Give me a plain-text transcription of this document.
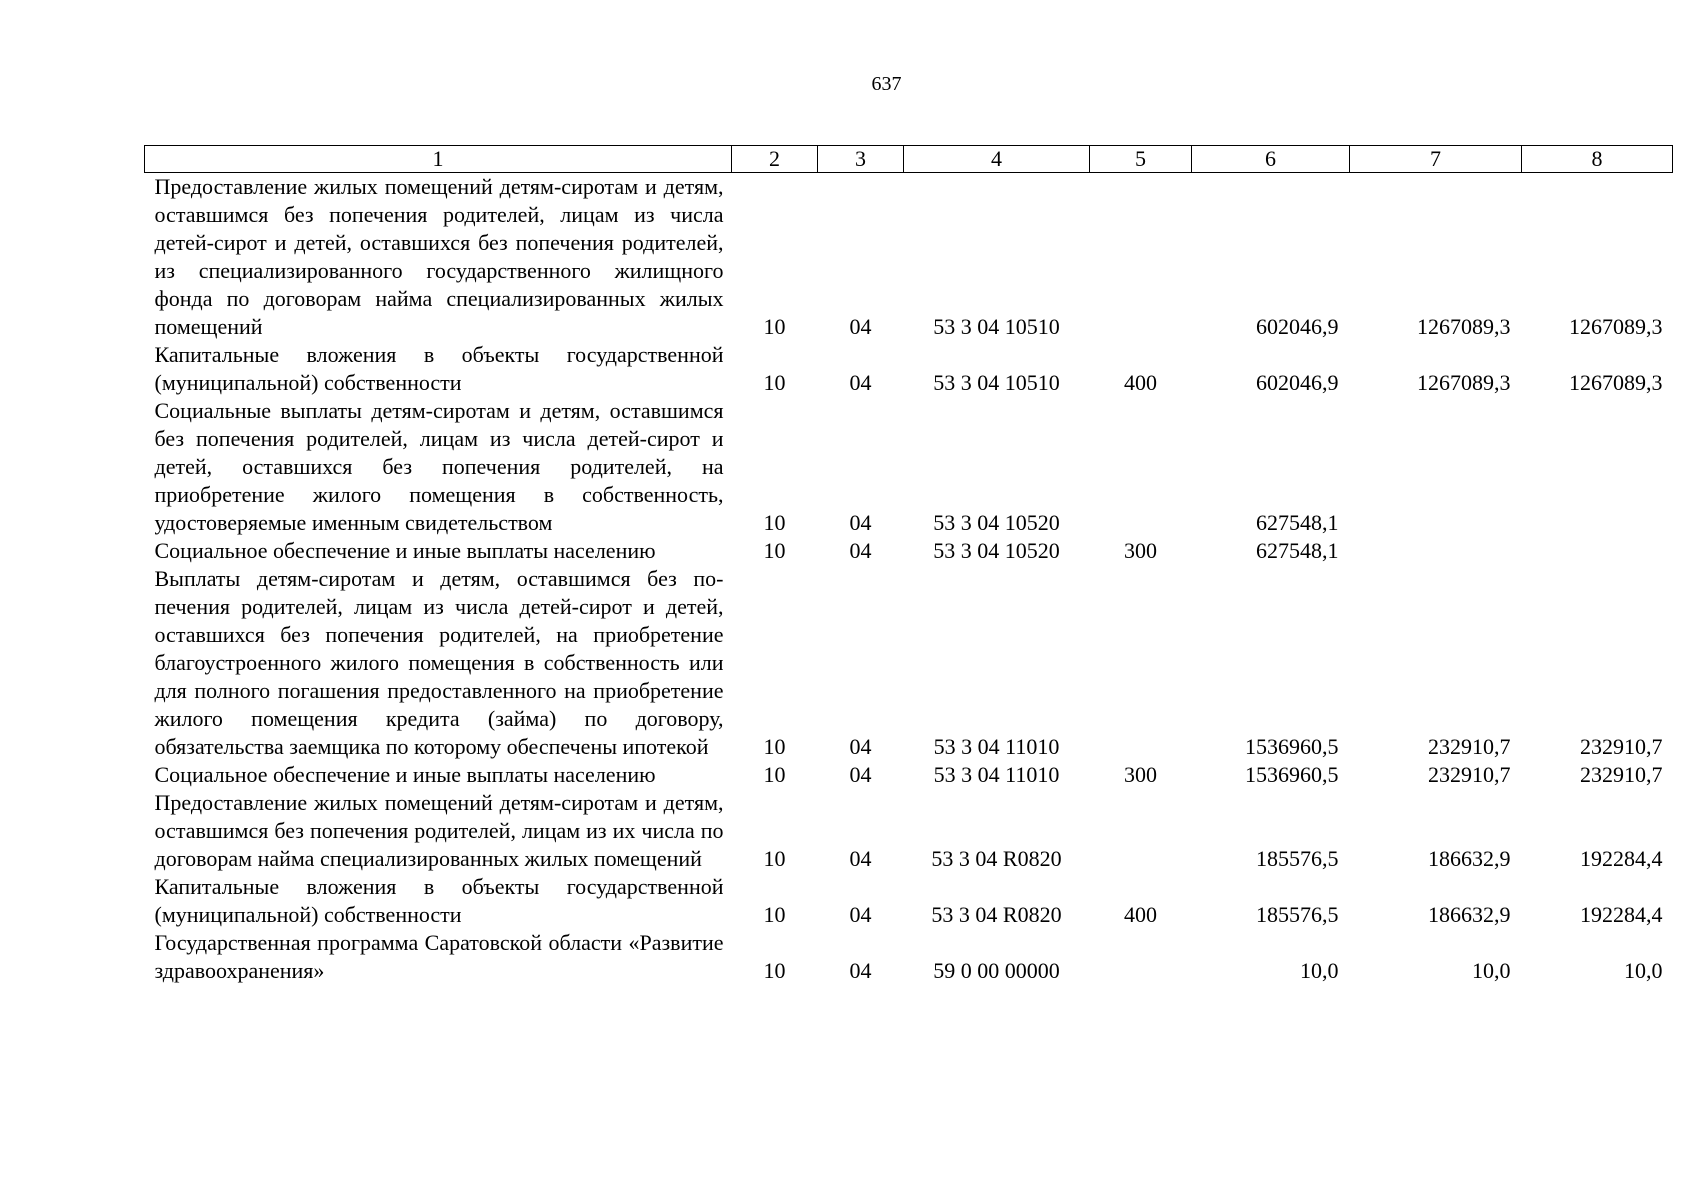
637
1	2	3	4	5	6	7	8
Предоставление жилых помещений детям-сиротам и детям, оставшимся без попечения родителей, лицам из числа детей-сирот и детей, оставшихся без попечения родителей, из специализированного государственного жилищного фонда по договорам найма специализированных жилых помещений	10	04	53 3 04 10510		602046,9	1267089,3	1267089,3
Капитальные вложения в объекты государственной (муниципальной) собственности	10	04	53 3 04 10510	400	602046,9	1267089,3	1267089,3
Социальные выплаты детям-сиротам и детям, оставшимся без попечения родителей, лицам из числа детей-сирот и детей, оставшихся без попечения родителей, на приобретение жилого помещения в собственность, удостоверяемые именным свидетельством	10	04	53 3 04 10520		627548,1		
Социальное обеспечение и иные выплаты населению	10	04	53 3 04 10520	300	627548,1		
Выплаты детям-сиротам и детям, оставшимся без попечения родителей, лицам из числа детей-сирот и детей, оставшихся без попечения родителей, на приобретение благоустроенного жилого помещения в собственность или для полного погашения предоставленного на приобретение жилого помещения кредита (займа) по договору, обязательства заемщика по которому обеспечены ипотекой	10	04	53 3 04 11010		1536960,5	232910,7	232910,7
Социальное обеспечение и иные выплаты населению	10	04	53 3 04 11010	300	1536960,5	232910,7	232910,7
Предоставление жилых помещений детям-сиротам и детям, оставшимся без попечения родителей, лицам из их числа по договорам найма специализированных жилых помещений	10	04	53 3 04 R0820		185576,5	186632,9	192284,4
Капитальные вложения в объекты государственной (муниципальной) собственности	10	04	53 3 04 R0820	400	185576,5	186632,9	192284,4
Государственная программа Саратовской области «Развитие здравоохранения»	10	04	59 0 00 00000		10,0	10,0	10,0
